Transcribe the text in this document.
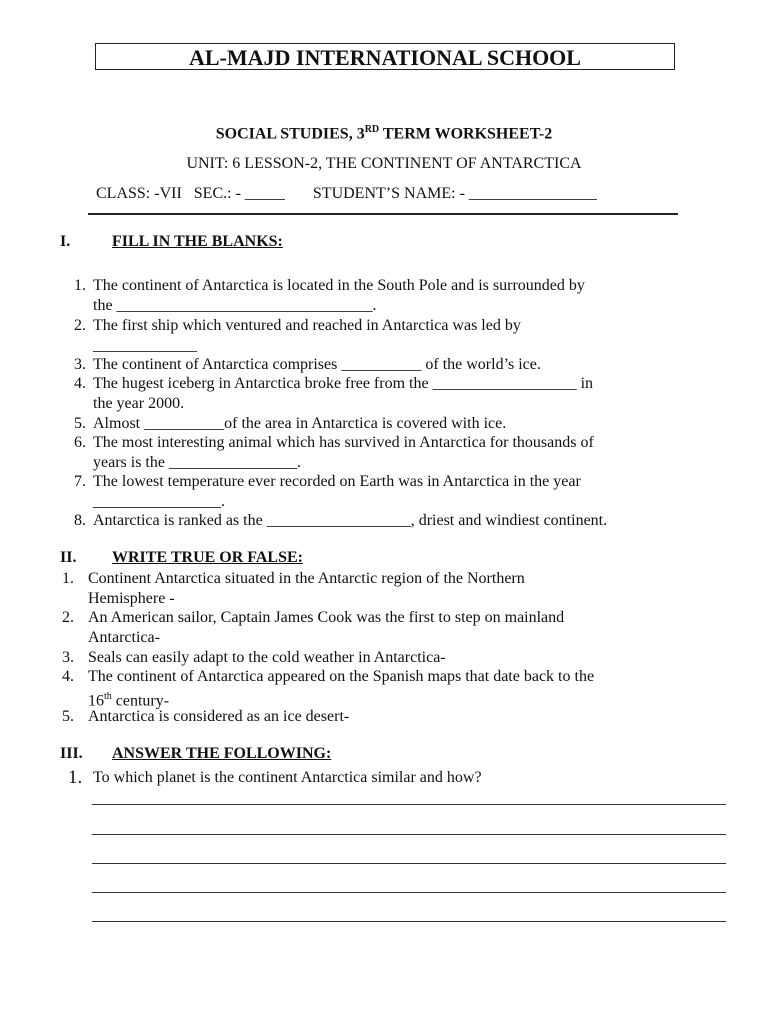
AL-MAJD INTERNATIONAL SCHOOL
SOCIAL STUDIES, 3RD TERM WORKSHEET-2
UNIT: 6 LESSON-2, THE CONTINENT OF ANTARCTICA
CLASS: -VII   SEC.: - _____       STUDENT’S NAME: - ________________
I.	FILL IN THE BLANKS:
1. The continent of Antarctica is located in the South Pole and is surrounded by
the ________________________________.
2. The first ship which ventured and reached in Antarctica was led by
_____________
3. The continent of Antarctica comprises __________ of the world’s ice.
4. The hugest iceberg in Antarctica broke free from the __________________ in
the year 2000.
5. Almost __________of the area in Antarctica is covered with ice.
6. The most interesting animal which has survived in Antarctica for thousands of
years is the ________________.
7. The lowest temperature ever recorded on Earth was in Antarctica in the year
________________.
8. Antarctica is ranked as the __________________, driest and windiest continent.
II. WRITE TRUE OR FALSE:
1. Continent Antarctica situated in the Antarctic region of the Northern
Hemisphere -
2. An American sailor, Captain James Cook was the first to step on mainland
Antarctica-
3. Seals can easily adapt to the cold weather in Antarctica-
4. The continent of Antarctica appeared on the Spanish maps that date back to the
16th century-
5. Antarctica is considered as an ice desert-
III. ANSWER THE FOLLOWING:
1. To which planet is the continent Antarctica similar and how?
